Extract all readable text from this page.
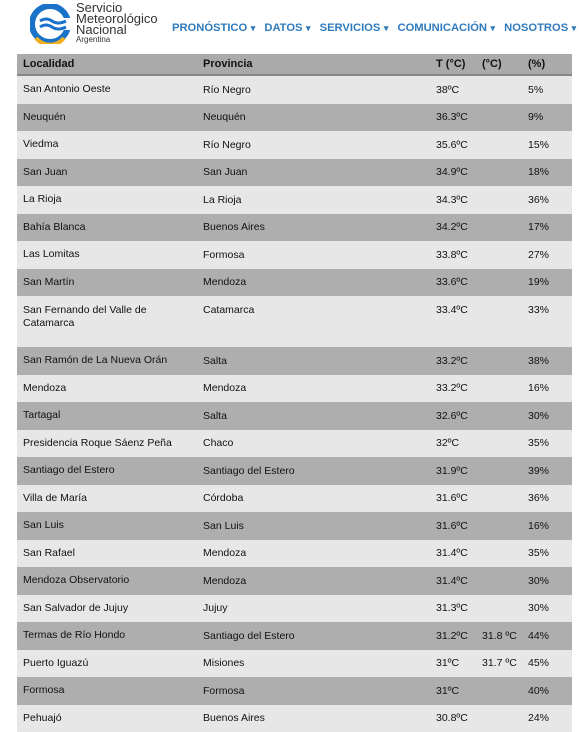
Servicio
Meteorológico
Nacional
Argentina
PRONÓSTICO ▾ DATOS ▾ SERVICIOS ▾ COMUNICACIÓN ▾ NOSOTROS ▾
Localidad	Provincia	T (°C)	(°C)	(%)
San Antonio Oeste	Río Negro	38ºC		5%
Neuquén	Neuquén	36.3ºC		9%
Viedma	Río Negro	35.6ºC		15%
San Juan	San Juan	34.9ºC		18%
La Rioja	La Rioja	34.3ºC		36%
Bahía Blanca	Buenos Aires	34.2ºC		17%
Las Lomitas	Formosa	33.8ºC		27%
San Martín	Mendoza	33.6ºC		19%
San Fernando del Valle de Catamarca	Catamarca	33.4ºC		33%
San Ramón de La Nueva Orán	Salta	33.2ºC		38%
Mendoza	Mendoza	33.2ºC		16%
Tartagal	Salta	32.6ºC		30%
Presidencia Roque Sáenz Peña	Chaco	32ºC		35%
Santiago del Estero	Santiago del Estero	31.9ºC		39%
Villa de María	Córdoba	31.6ºC		36%
San Luis	San Luis	31.6ºC		16%
San Rafael	Mendoza	31.4ºC		35%
Mendoza Observatorio	Mendoza	31.4ºC		30%
San Salvador de Jujuy	Jujuy	31.3ºC		30%
Termas de Río Hondo	Santiago del Estero	31.2ºC	31.8 ºC	44%
Puerto Iguazú	Misiones	31ºC	31.7 ºC	45%
Formosa	Formosa	31ºC		40%
Pehuajó	Buenos Aires	30.8ºC		24%
